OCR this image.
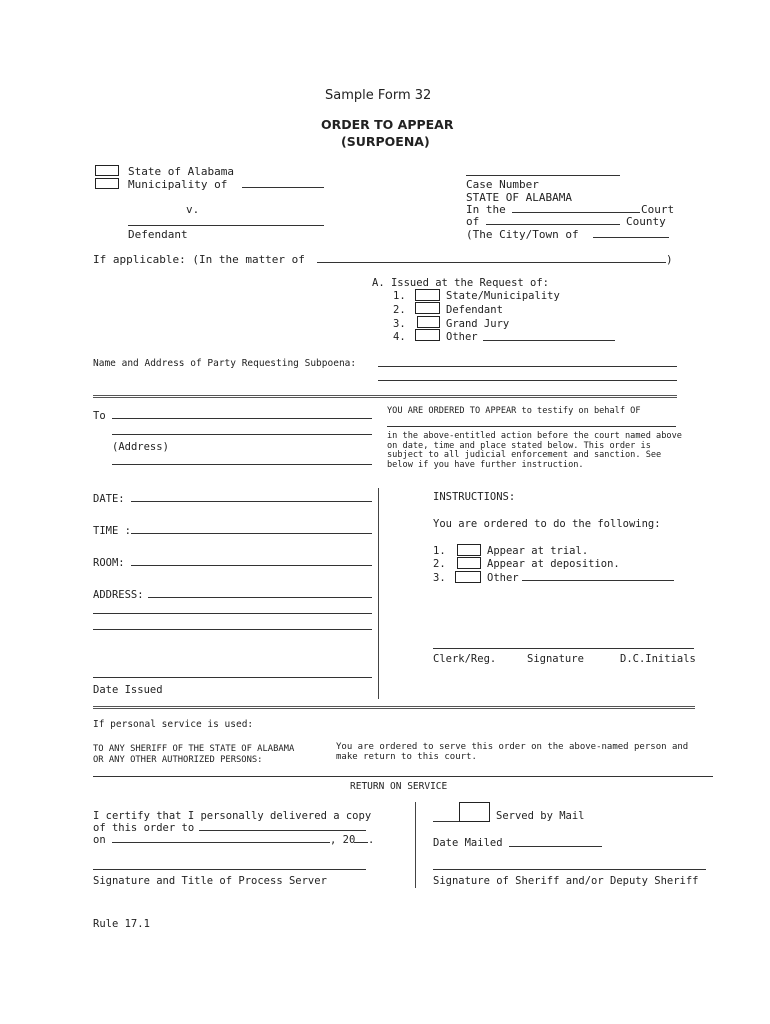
Sample Form 32
ORDER TO APPEAR
(SURPOENA)
State of Alabama
Municipality of
v.
Defendant
Case Number
STATE OF ALABAMA
In the	Court
of	County
(The City/Town of
If applicable: (In the matter of	)
A. Issued at the Request of:
1.	State/Municipality
2.	Defendant
3.	Grand Jury
4.	Other
Name and Address of Party Requesting Subpoena:
To
(Address)
YOU ARE ORDERED TO APPEAR to testify on behalf OF
in the above-entitled action before the court named above
on date, time and place stated below. This order is
subject to all judicial enforcement and sanction. See
below if you have further instruction.
DATE:
TIME :
ROOM:
ADDRESS:
Date Issued
INSTRUCTIONS:
You are ordered to do the following:
1.	Appear at trial.
2.	Appear at deposition.
3.	Other
Clerk/Reg.	Signature	D.C.Initials
If personal service is used:
TO ANY SHERIFF OF THE STATE OF ALABAMA
OR ANY OTHER AUTHORIZED PERSONS:
You are ordered to serve this order on the above-named person and
make return to this court.
RETURN ON SERVICE
I certify that I personally delivered a copy
of this order to
on	, 20 .
Served by Mail
Date Mailed
Signature and Title of Process Server	Signature of Sheriff and/or Deputy Sheriff
Rule 17.1
